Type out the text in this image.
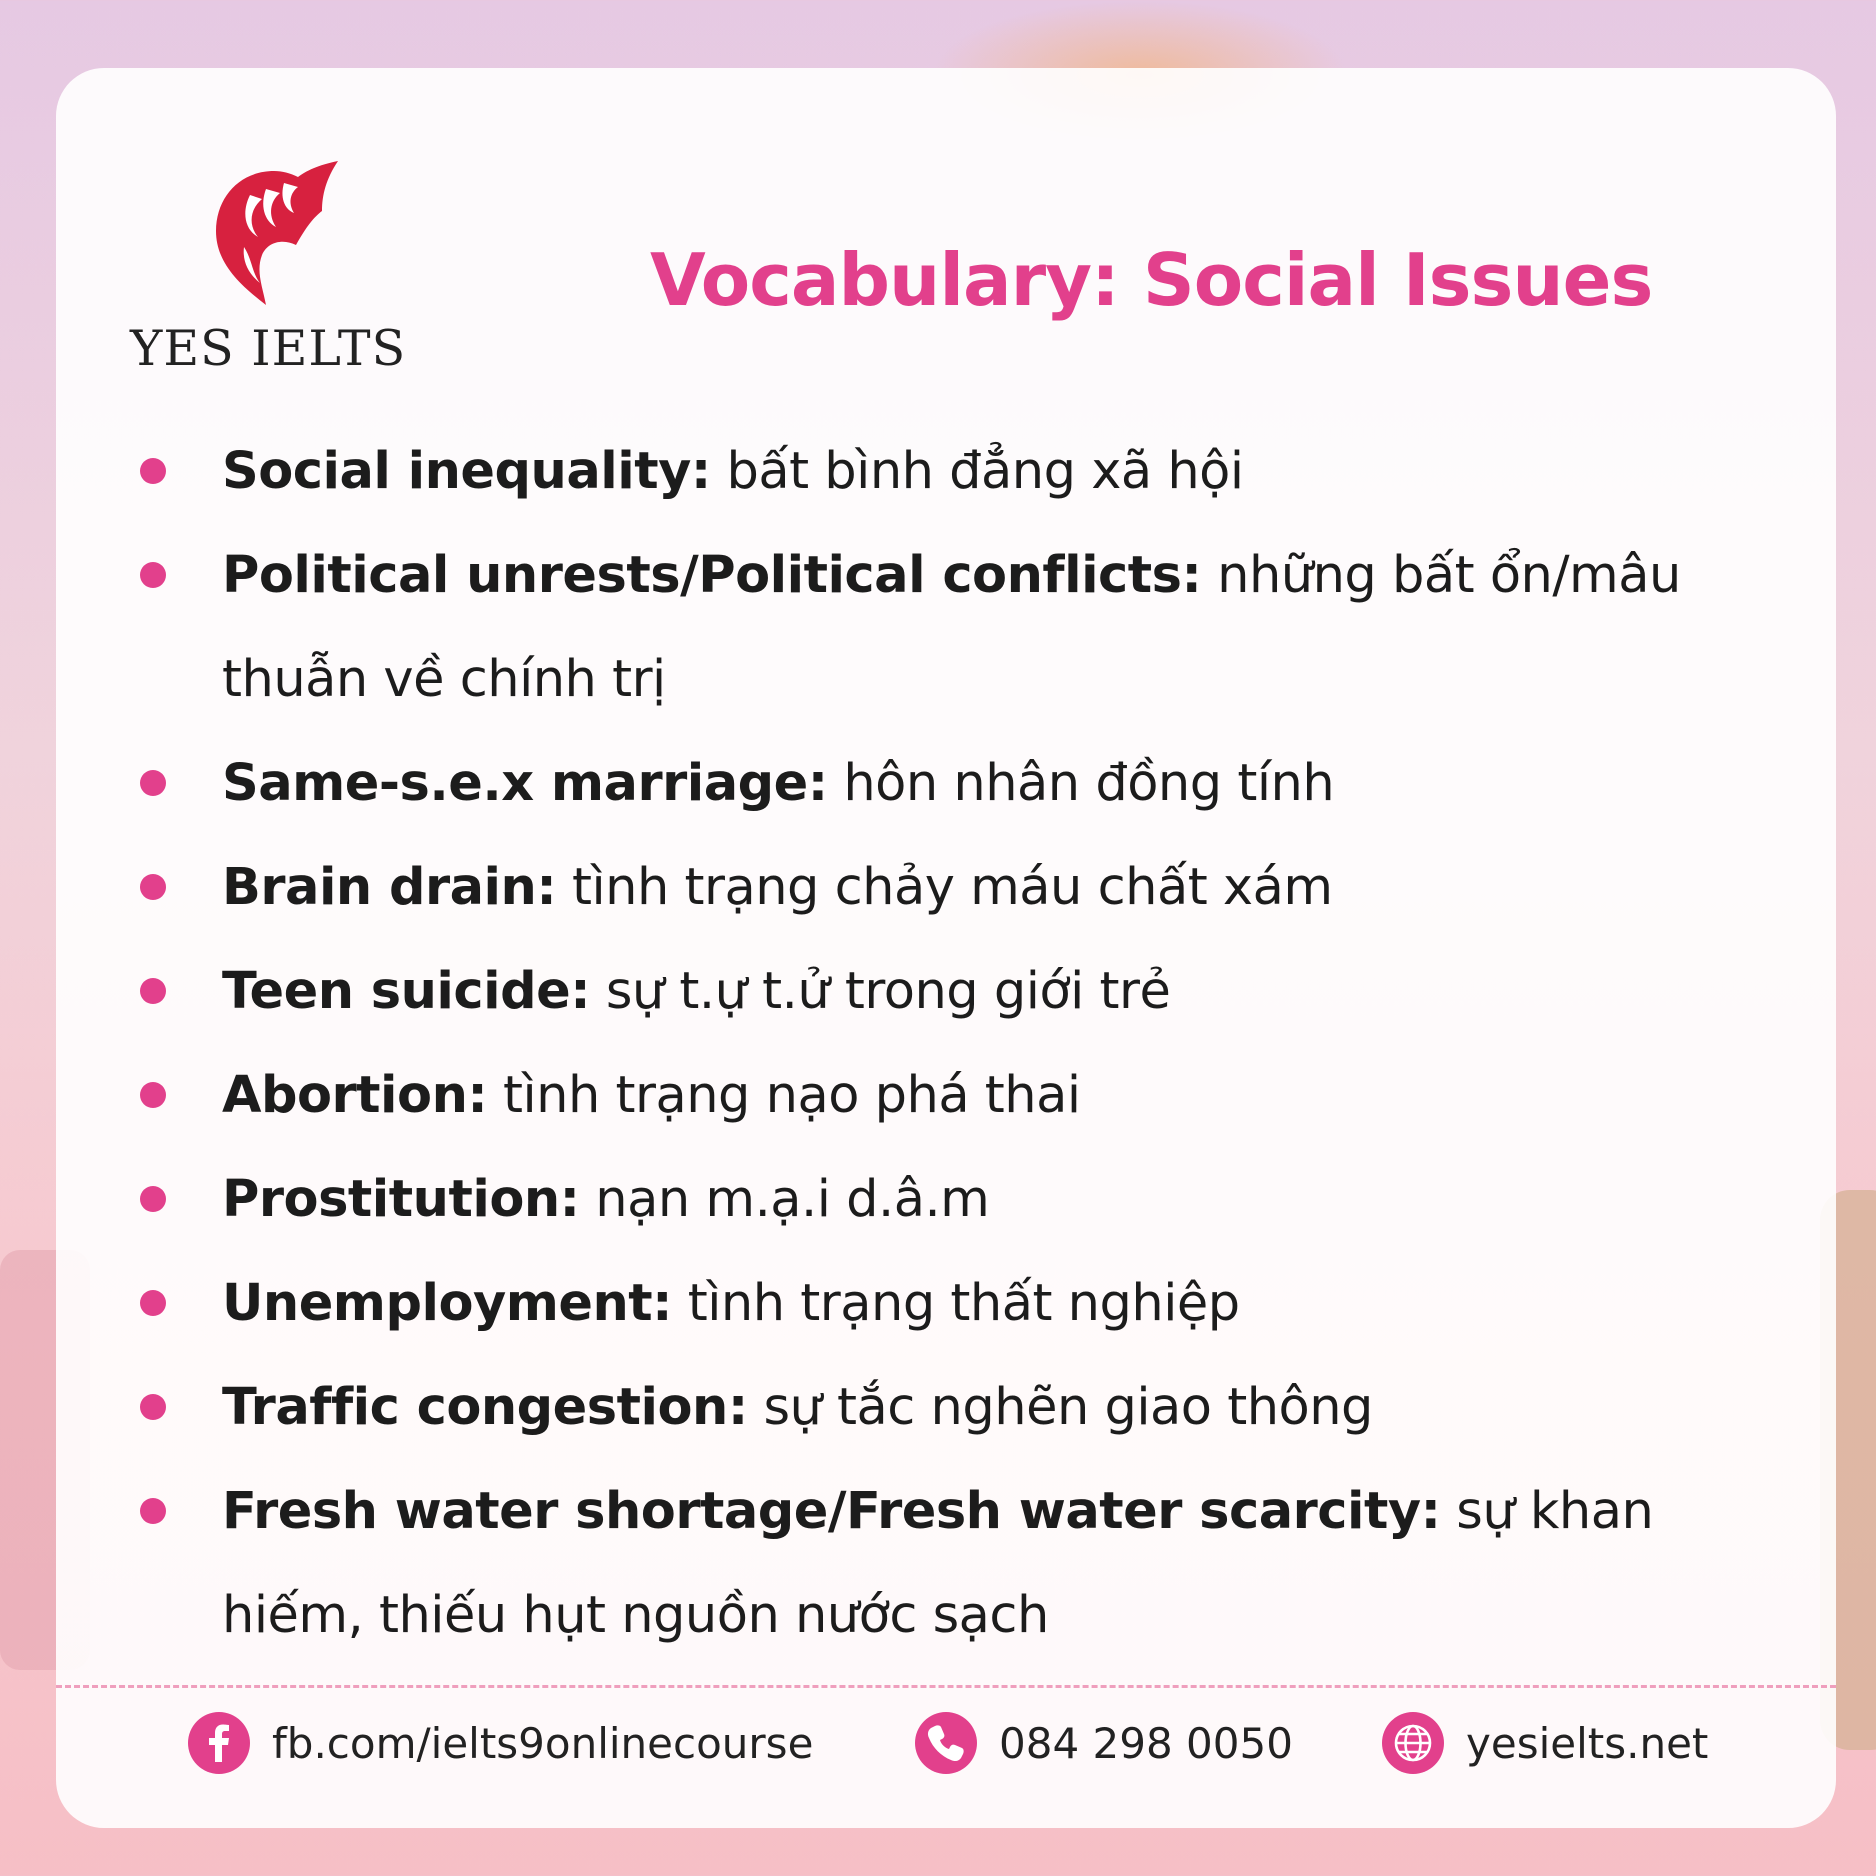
YES IELTS
Vocabulary: Social Issues
Social inequality: bất bình đẳng xã hội
Political unrests/Political conflicts: những bất ổn/mâu thuẫn về chính trị
Same-s.e.x marriage: hôn nhân đồng tính
Brain drain: tình trạng chảy máu chất xám
Teen suicide: sự t.ự t.ử trong giới trẻ
Abortion: tình trạng nạo phá thai
Prostitution: nạn m.ạ.i d.â.m
Unemployment: tình trạng thất nghiệp
Traffic congestion: sự tắc nghẽn giao thông
Fresh water shortage/Fresh water scarcity: sự khan hiếm, thiếu hụt nguồn nước sạch
fb.com/ielts9onlinecourse	084 298 0050	yesielts.net
